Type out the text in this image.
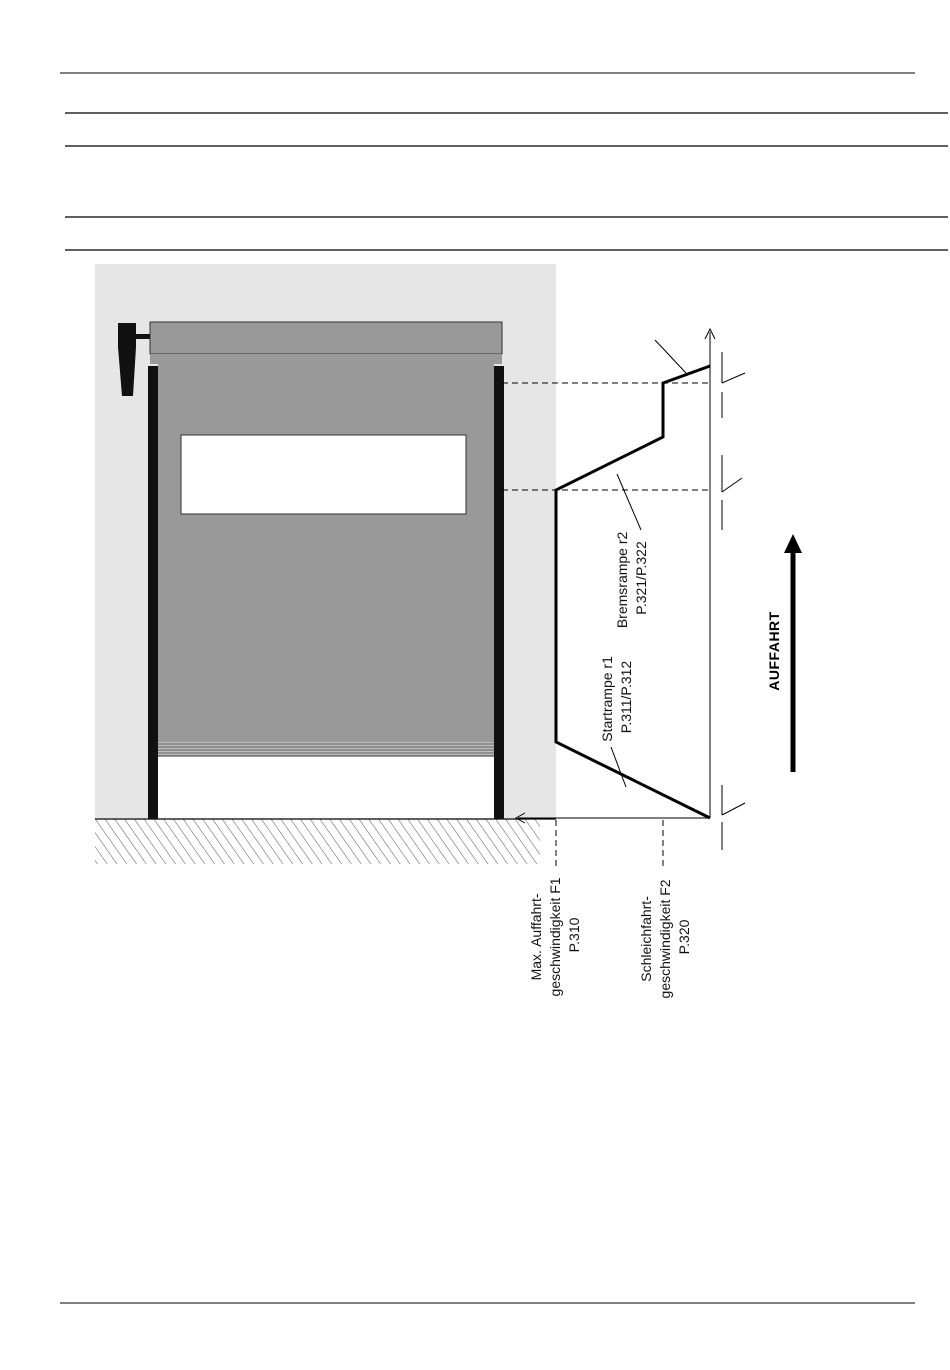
AUFFAHRT
Bremsrampe r2 P.321/P.322
Startrampe r1 P.311/P.312
Max. Auffahrt- geschwindigkeit F1 P.310	Schleichfahrt- geschwindigkeit F2 P.320
